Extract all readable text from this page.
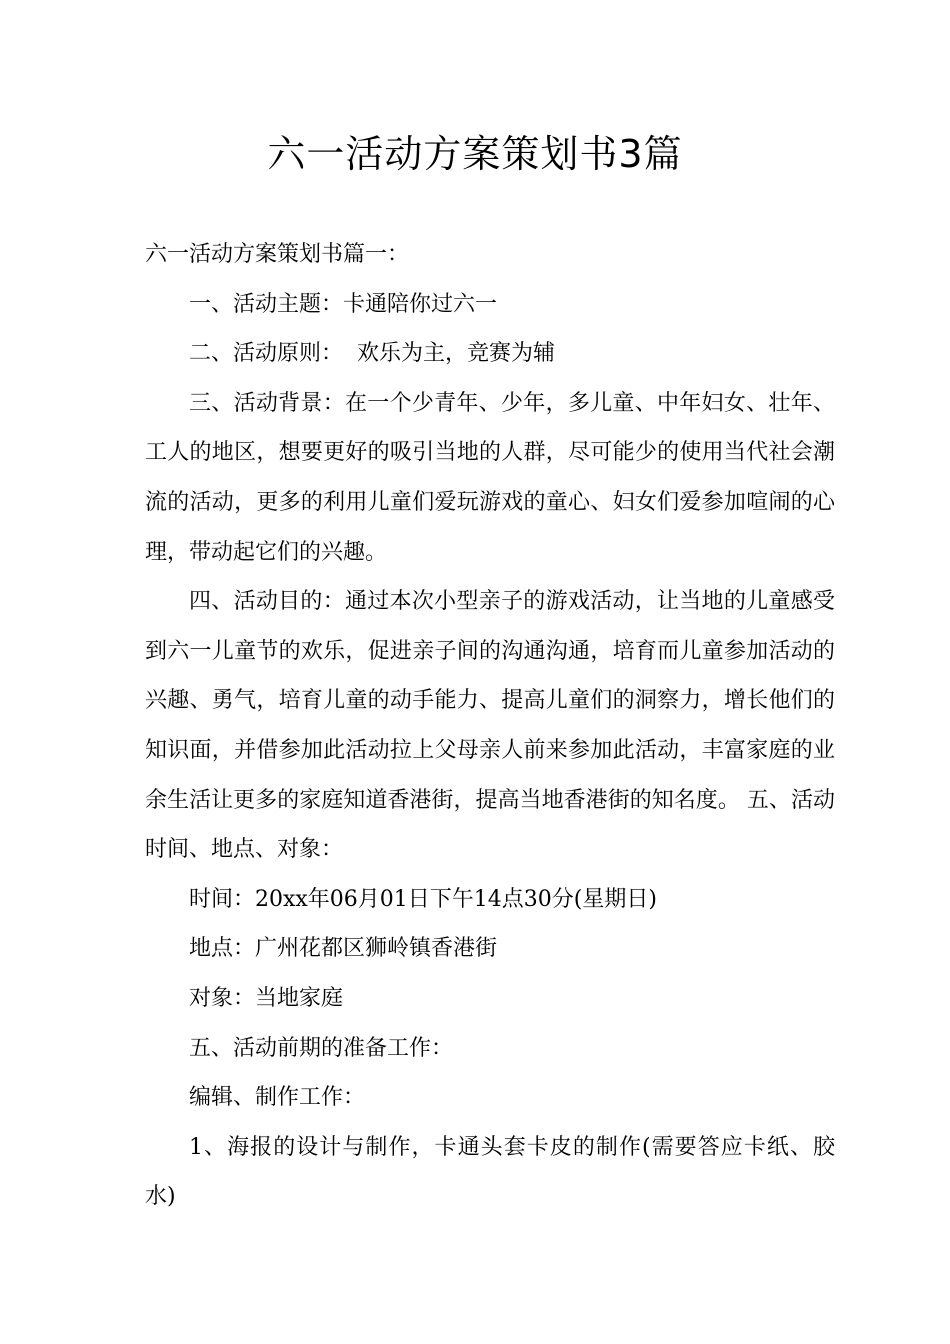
六一活动方案策划书3篇

六一活动方案策划书篇一：

一、活动主题：卡通陪你过六一

二、活动原则：  欢乐为主，竞赛为辅

三、活动背景：在一个少青年、少年，多儿童、中年妇女、壮年、工人的地区，想要更好的吸引当地的人群，尽可能少的使用当代社会潮流的活动，更多的利用儿童们爱玩游戏的童心、妇女们爱参加喧闹的心理，带动起它们的兴趣。

四、活动目的：通过本次小型亲子的游戏活动，让当地的儿童感受到六一儿童节的欢乐，促进亲子间的沟通沟通，培育而儿童参加活动的兴趣、勇气，培育儿童的动手能力、提高儿童们的洞察力，增长他们的知识面，并借参加此活动拉上父母亲人前来参加此活动，丰富家庭的业余生活让更多的家庭知道香港街，提高当地香港街的知名度。 五、活动时间、地点、对象：

时间：20xx年06月01日下午14点30分(星期日)

地点：广州花都区狮岭镇香港街

对象：当地家庭

五、活动前期的准备工作：

编辑、制作工作：

1、海报的设计与制作，卡通头套卡皮的制作(需要答应卡纸、胶水)
